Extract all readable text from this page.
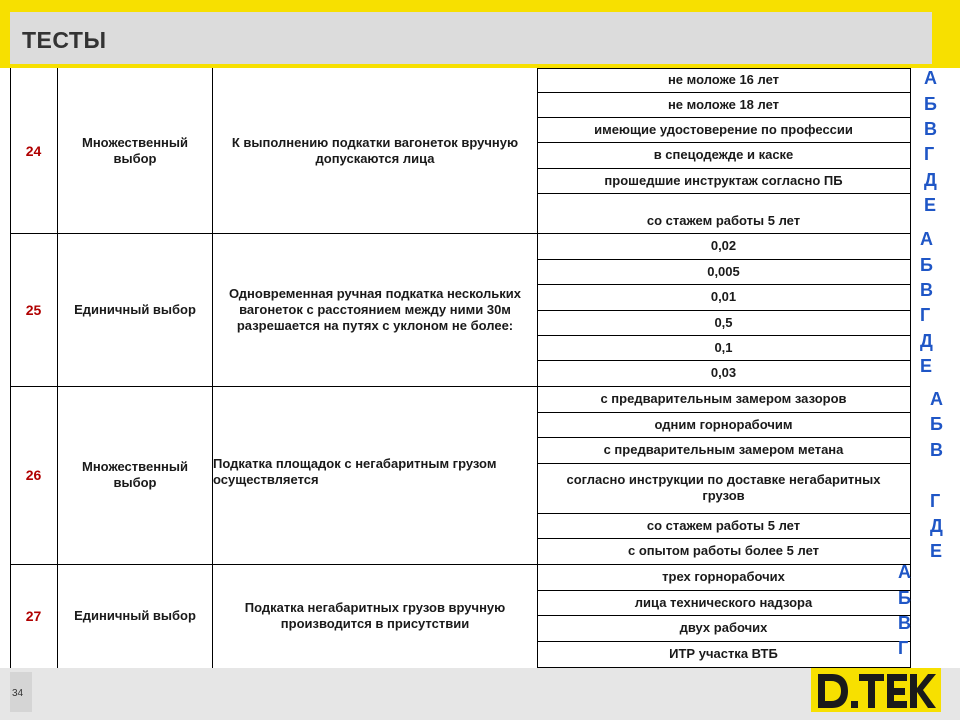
ТЕСТЫ
24
Множественный выбор
К выполнению подкатки вагонеток вручную допускаются лица
не моложе 16 лет
не моложе 18 лет
имеющие удостоверение по профессии
в спецодежде и каске
прошедшие инструктаж согласно ПБ
со стажем работы 5 лет
25	Единичный выбор
Одновременная ручная подкатка нескольких вагонеток с расстоянием между ними 30м разрешается на путях с уклоном не более:
0,02
0,005
0,01
0,5
0,1
0,03
26
Множественный выбор
Подкатка площадок с негабаритным грузом осуществляется
с предварительным замером зазоров
одним горнорабочим
с предварительным замером метана
согласно инструкции по доставке негабаритных грузов
со стажем работы 5 лет
с опытом работы более 5 лет
27	Единичный выбор
Подкатка негабаритных грузов вручную производится в присутствии
трех горнорабочих
лица технического надзора
двух рабочих
ИТР участка ВТБ
А
Б
В
Г
Д
Е
А
Б
В
Г
Д
Е
А
Б
В
Г
Д
Е
А
Б
В
Г
34
